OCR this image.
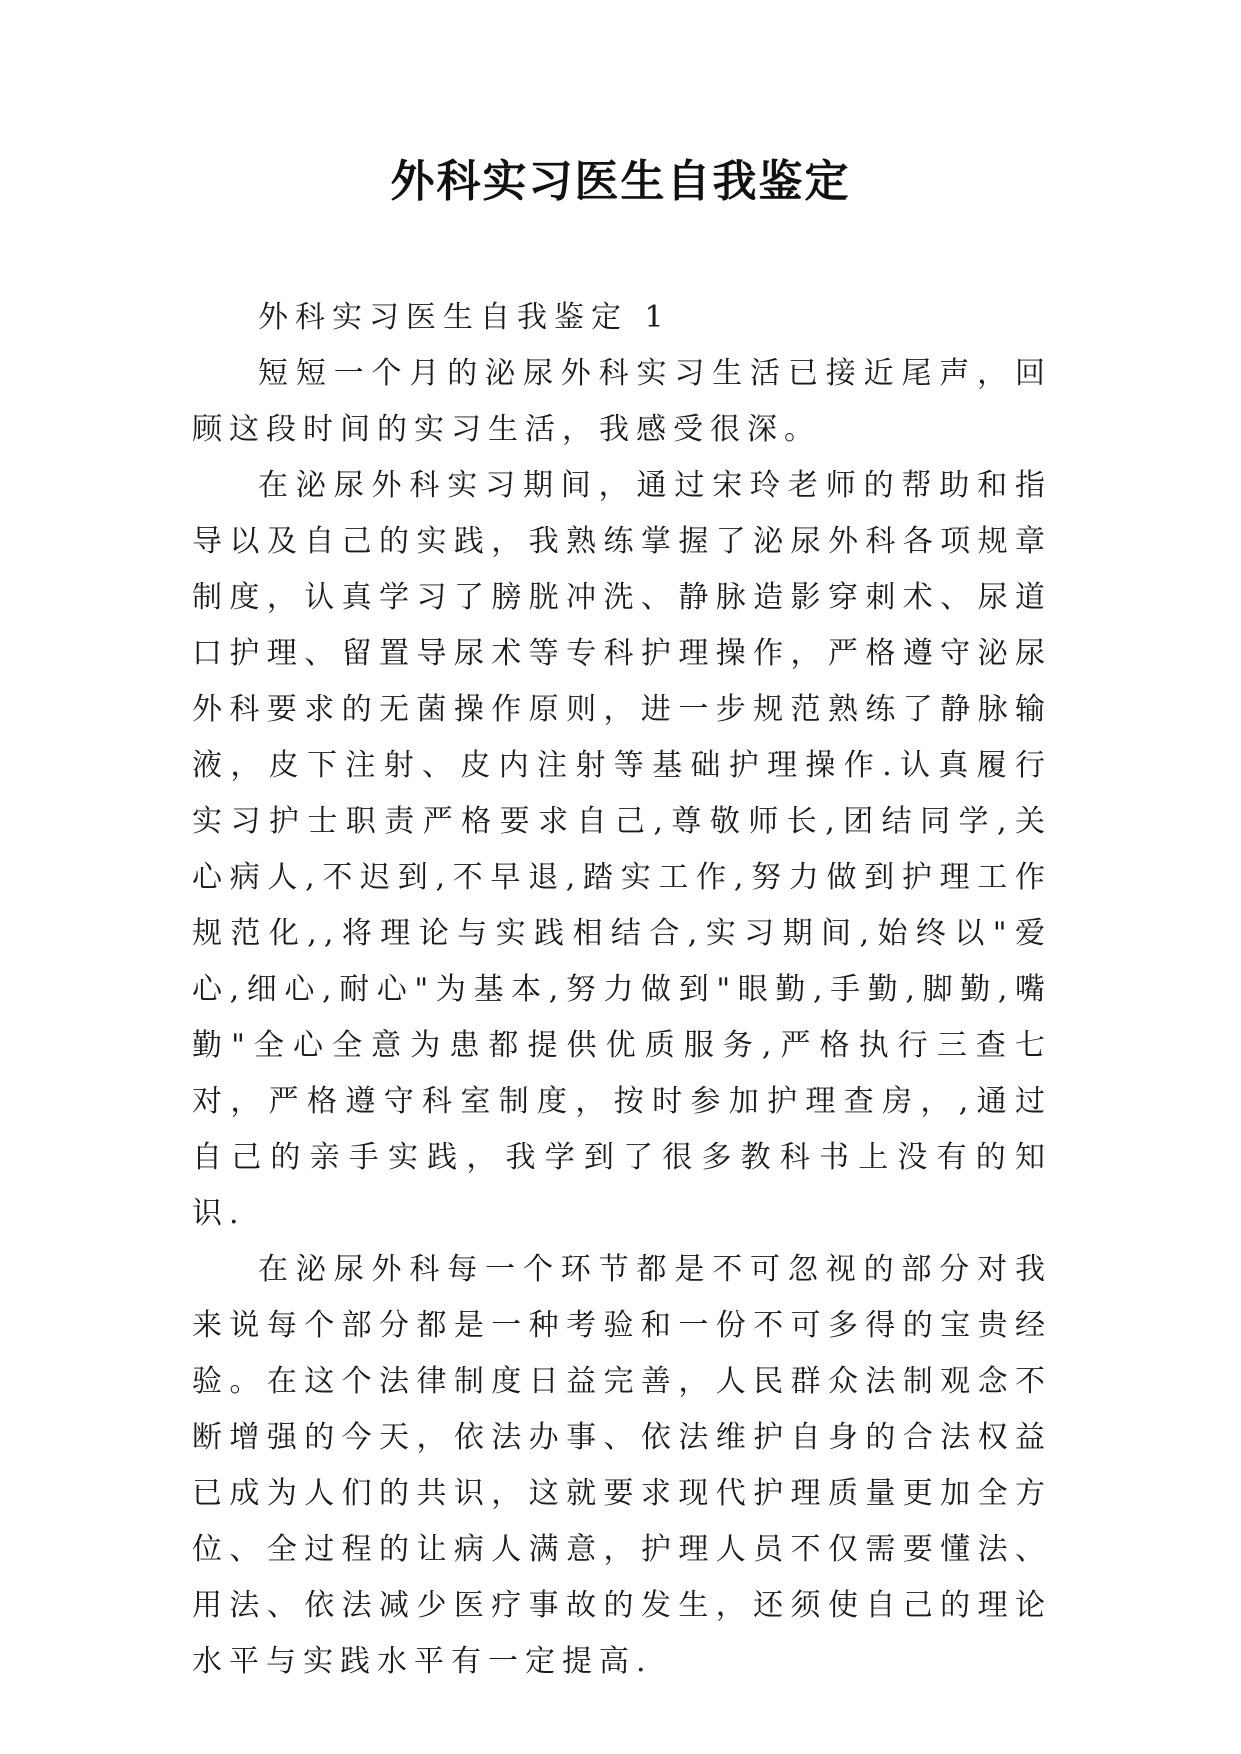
外科实习医生自我鉴定

外科实习医生自我鉴定 1

短短一个月的泌尿外科实习生活已接近尾声，回顾这段时间的实习生活，我感受很深。

在泌尿外科实习期间，通过宋玲老师的帮助和指导以及自己的实践，我熟练掌握了泌尿外科各项规章制度，认真学习了膀胱冲洗、静脉造影穿刺术、尿道口护理、留置导尿术等专科护理操作，严格遵守泌尿外科要求的无菌操作原则，进一步规范熟练了静脉输液，皮下注射、皮内注射等基础护理操作.认真履行实习护士职责严格要求自己,尊敬师长,团结同学,关心病人,不迟到,不早退,踏实工作,努力做到护理工作规范化,,将理论与实践相结合,实习期间,始终以"爱心,细心,耐心"为基本,努力做到"眼勤,手勤,脚勤,嘴勤"全心全意为患都提供优质服务,严格执行三查七对，严格遵守科室制度，按时参加护理查房，,通过自己的亲手实践，我学到了很多教科书上没有的知识.

在泌尿外科每一个环节都是不可忽视的部分对我来说每个部分都是一种考验和一份不可多得的宝贵经验。在这个法律制度日益完善，人民群众法制观念不断增强的今天，依法办事、依法维护自身的合法权益已成为人们的共识，这就要求现代护理质量更加全方位、全过程的让病人满意，护理人员不仅需要懂法、用法、依法减少医疗事故的发生，还须使自己的理论水平与实践水平有一定提高.
